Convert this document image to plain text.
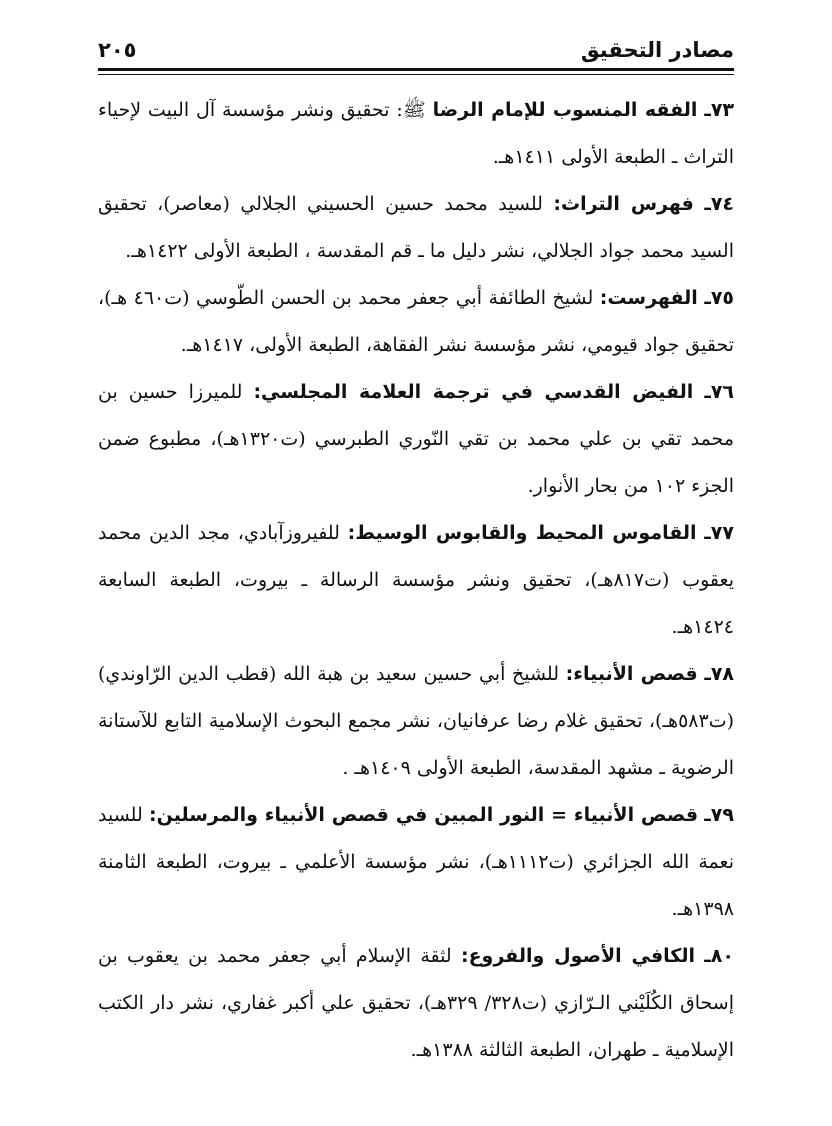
مصادر التحقيق
٢٠٥

٧٣ـ الفقه المنسوب للإمام الرضا ﷺ: تحقيق ونشر مؤسسة آل البيت لإحياء التراث ـ الطبعة الأولى ١٤١١هـ.

٧٤ـ فهرس التراث: للسيد محمد حسين الحسيني الجلالي (معاصر)، تحقيق السيد محمد جواد الجلالي، نشر دليل ما ـ قم المقدسة ، الطبعة الأولى ١٤٢٢هـ.

٧٥ـ الفهرست: لشيخ الطائفة أبي جعفر محمد بن الحسن الطّوسي (ت٤٦٠ هـ)، تحقيق جواد قيومي، نشر مؤسسة نشر الفقاهة، الطبعة الأولى، ١٤١٧هـ.

٧٦ـ الفيض القدسي في ترجمة العلامة المجلسي: للميرزا حسين بن محمد تقي بن علي محمد بن تقي النّوري الطبرسي (ت١٣٢٠هـ)، مطبوع ضمن الجزء ١٠٢ من بحار الأنوار.

٧٧ـ القاموس المحيط والقابوس الوسيط: للفيروزآبادي، مجد الدين محمد يعقوب (ت٨١٧هـ)، تحقيق ونشر مؤسسة الرسالة ـ بيروت، الطبعة السابعة ١٤٢٤هـ.

٧٨ـ قصص الأنبياء: للشيخ أبي حسين سعيد بن هبة الله (قطب الدين الرّاوندي) (ت٥٨٣هـ)، تحقيق غلام رضا عرفانيان، نشر مجمع البحوث الإسلامية التابع للآستانة الرضوية ـ مشهد المقدسة، الطبعة الأولى ١٤٠٩هـ .

٧٩ـ قصص الأنبياء = النور المبين في قصص الأنبياء والمرسلين: للسيد نعمة الله الجزائري (ت١١١٢هـ)، نشر مؤسسة الأعلمي ـ بيروت، الطبعة الثامنة ١٣٩٨هـ.

٨٠ـ الكافي الأصول والفروع: لثقة الإسلام أبي جعفر محمد بن يعقوب بن إسحاق الكُلَيْني الـرّازي (ت٣٢٨/ ٣٢٩هـ)، تحقيق علي أكبر غفاري، نشر دار الكتب الإسلامية ـ طهران، الطبعة الثالثة ١٣٨٨هـ.
